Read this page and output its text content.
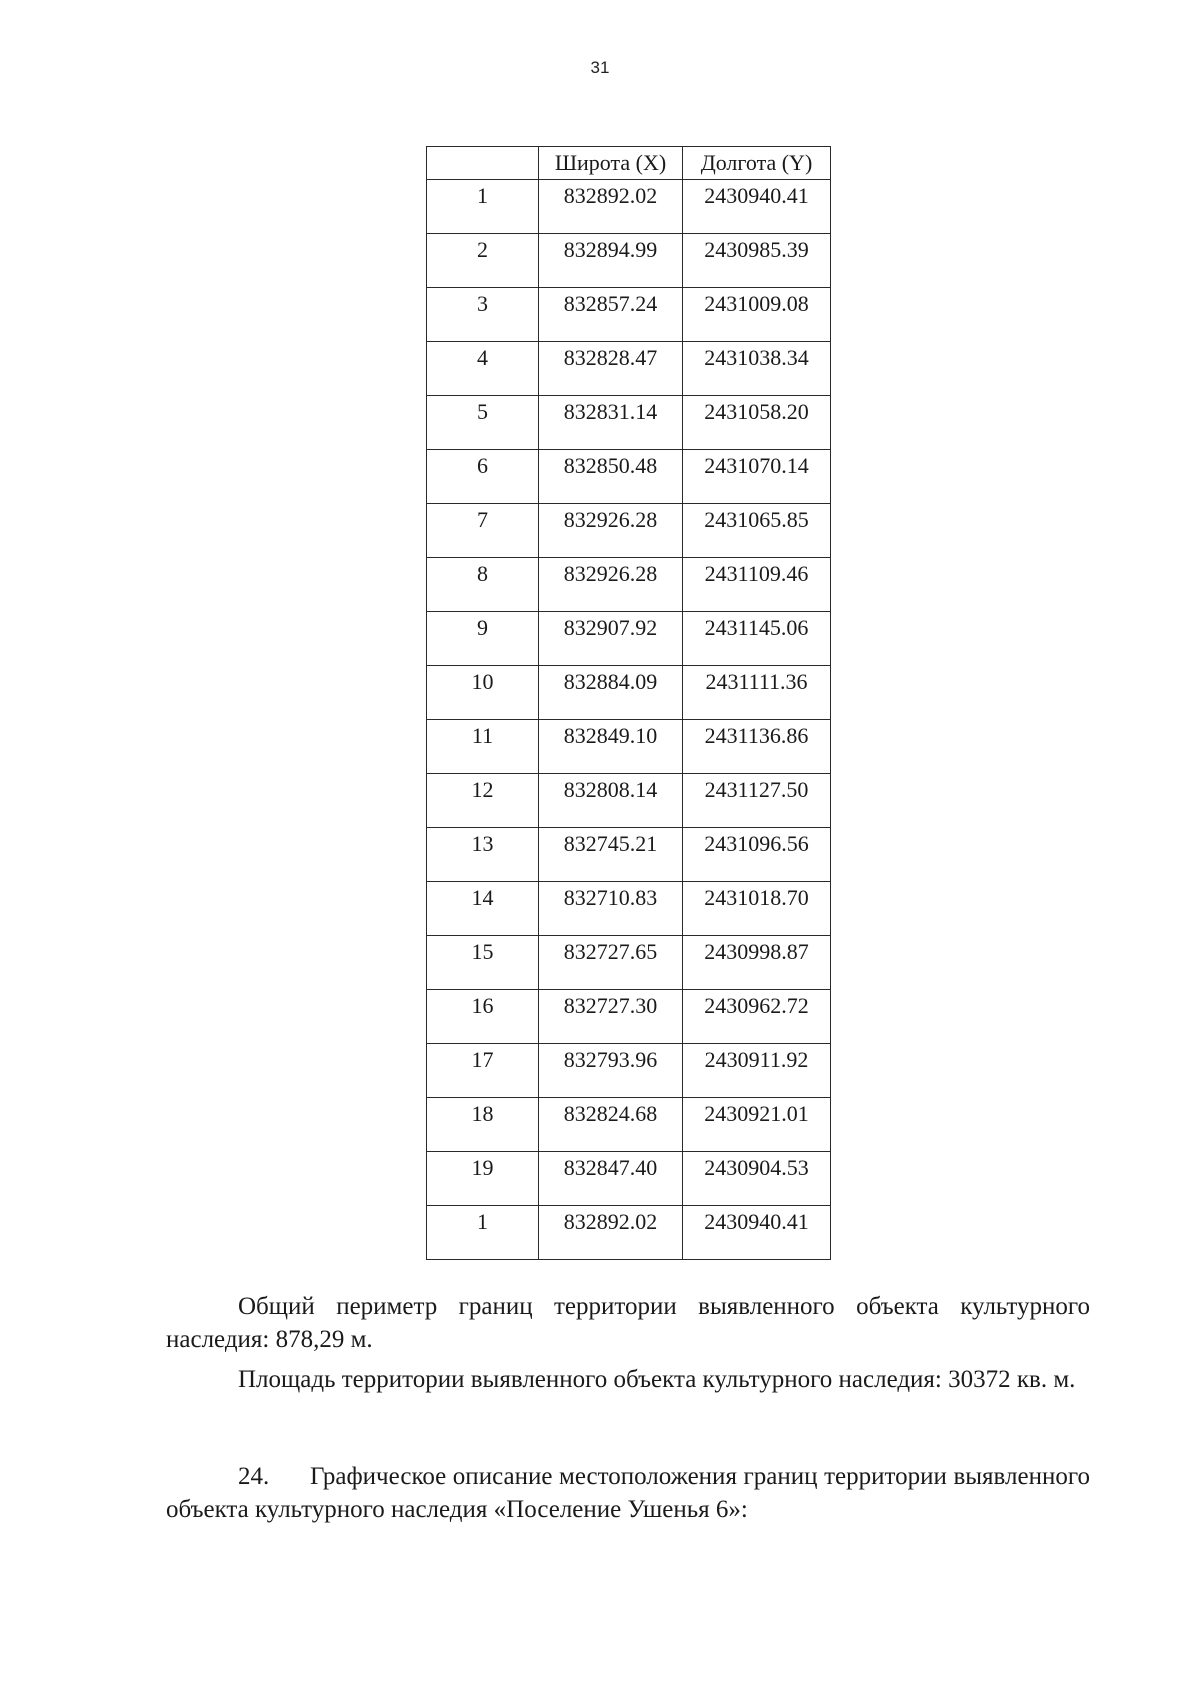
31
	Широта (X)	Долгота (Y)
1	832892.02	2430940.41
2	832894.99	2430985.39
3	832857.24	2431009.08
4	832828.47	2431038.34
5	832831.14	2431058.20
6	832850.48	2431070.14
7	832926.28	2431065.85
8	832926.28	2431109.46
9	832907.92	2431145.06
10	832884.09	2431111.36
11	832849.10	2431136.86
12	832808.14	2431127.50
13	832745.21	2431096.56
14	832710.83	2431018.70
15	832727.65	2430998.87
16	832727.30	2430962.72
17	832793.96	2430911.92
18	832824.68	2430921.01
19	832847.40	2430904.53
1	832892.02	2430940.41

Общий периметр границ территории выявленного объекта культурного наследия: 878,29 м.

Площадь территории выявленного объекта культурного наследия: 30372 кв. м.

24. Графическое описание местоположения границ территории выявленного объекта культурного наследия «Поселение Ушенья 6»:
